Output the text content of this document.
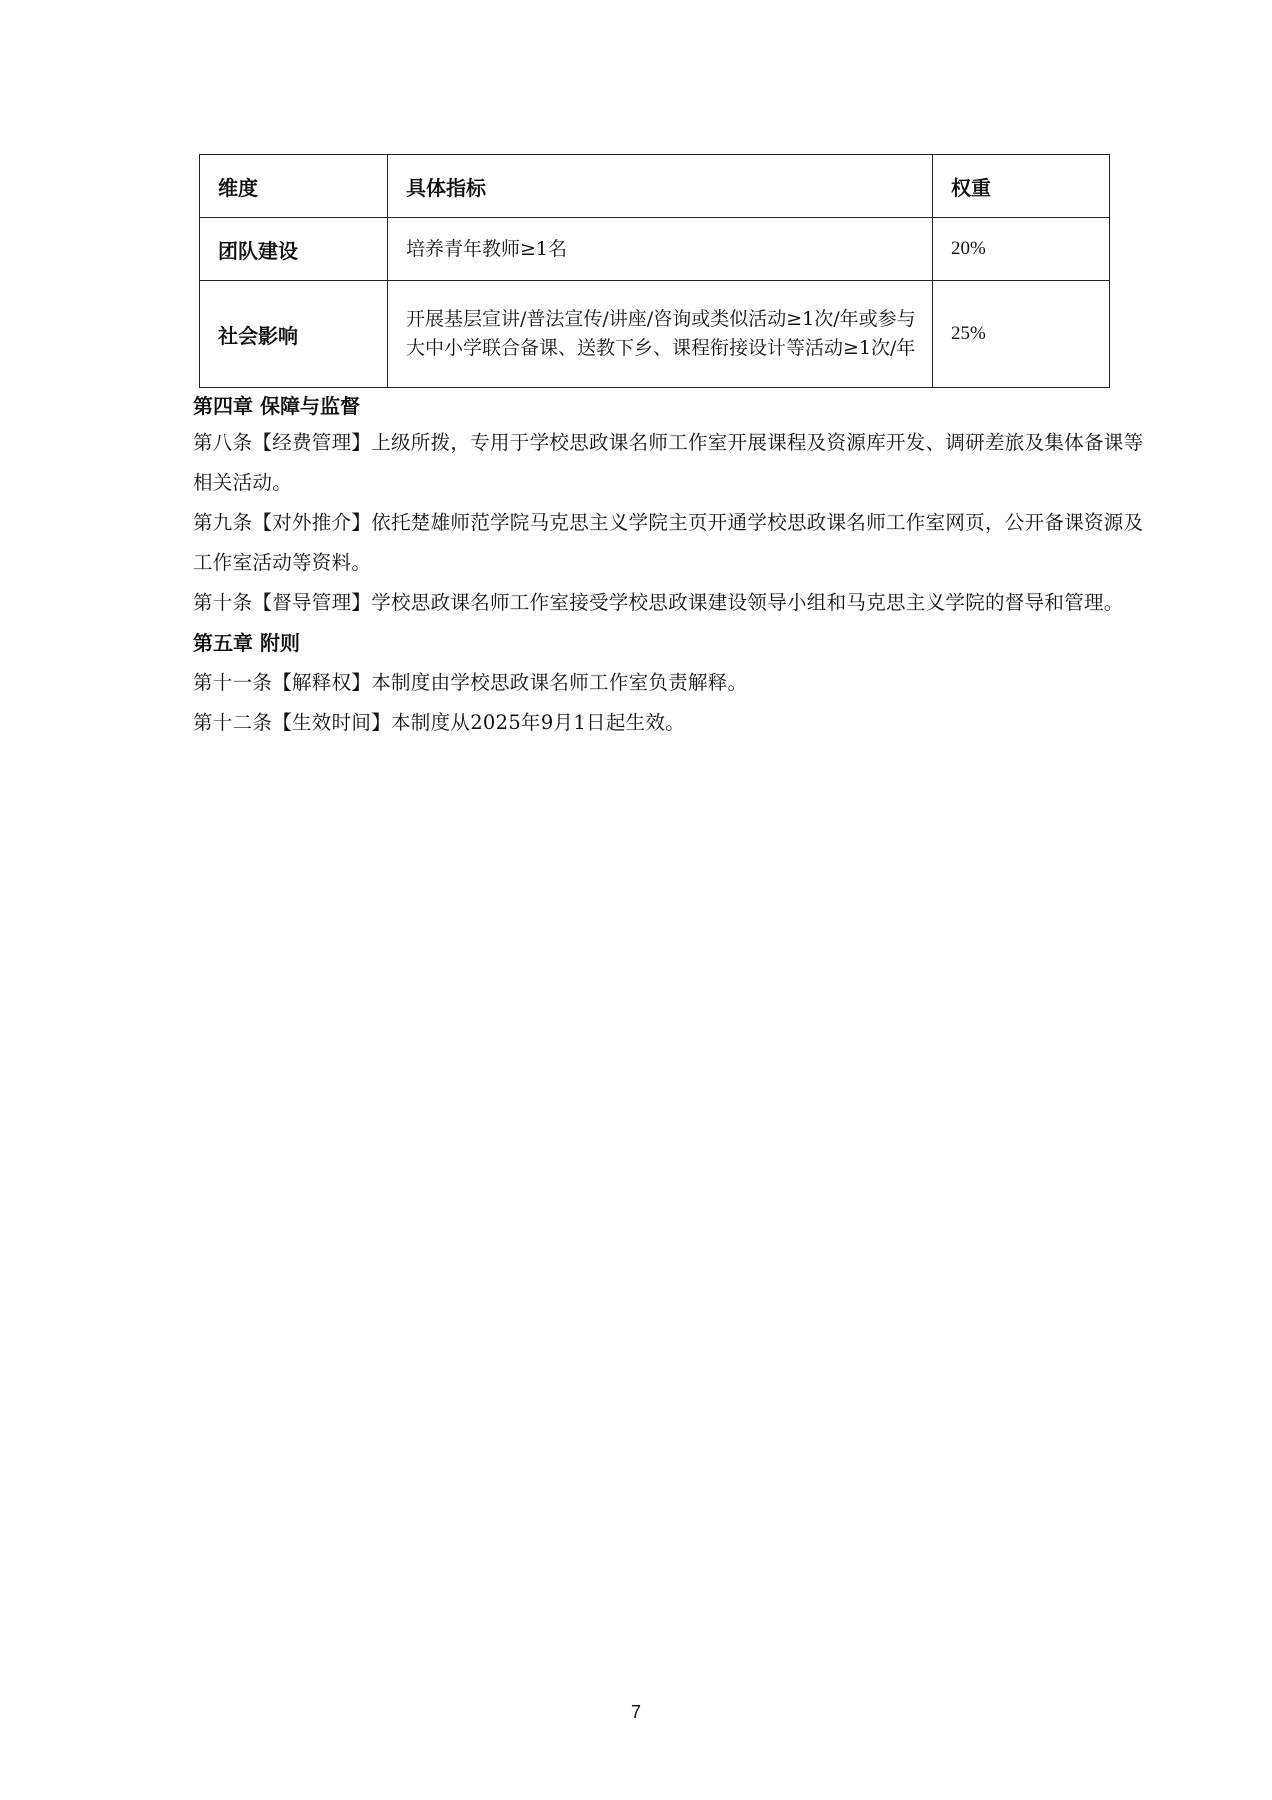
维度	具体指标	权重
团队建设	培养青年教师≥1名	20%
社会影响	开展基层宣讲/普法宣传/讲座/咨询或类似活动≥1次/年或参与大中小学联合备课、送教下乡、课程衔接设计等活动≥1次/年	25%
第四章 保障与监督
第八条【经费管理】上级所拨，专用于学校思政课名师工作室开展课程及资源库开发、调研差旅及集体备课等相关活动。
第九条【对外推介】依托楚雄师范学院马克思主义学院主页开通学校思政课名师工作室网页，公开备课资源及工作室活动等资料。
第十条【督导管理】学校思政课名师工作室接受学校思政课建设领导小组和马克思主义学院的督导和管理。
第五章 附则
第十一条【解释权】本制度由学校思政课名师工作室负责解释。
第十二条【生效时间】本制度从2025年9月1日起生效。
7
